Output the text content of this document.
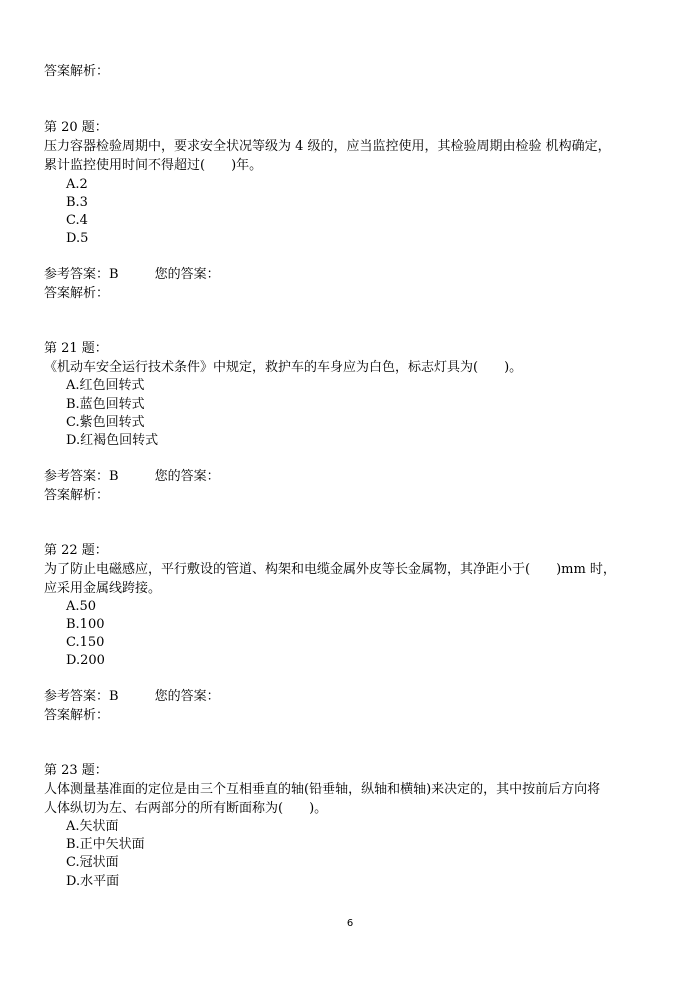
答案解析：
第 20 题：
压力容器检验周期中，要求安全状况等级为 4 级的，应当监控使用，其检验周期由检验 机构确定，
累计监控使用时间不得超过(　　)年。
A.2
B.3
C.4
D.5
参考答案：B	您的答案：
答案解析：
第 21 题：
《机动车安全运行技术条件》中规定，救护车的车身应为白色，标志灯具为(　　)。
A.红色回转式
B.蓝色回转式
C.紫色回转式
D.红褐色回转式
参考答案：B	您的答案：
答案解析：
第 22 题：
为了防止电磁感应，平行敷设的管道、构架和电缆金属外皮等长金属物，其净距小于(　　)mm 时，
应采用金属线跨接。
A.50
B.100
C.150
D.200
参考答案：B	您的答案：
答案解析：
第 23 题：
人体测量基准面的定位是由三个互相垂直的轴(铅垂轴，纵轴和横轴)来决定的，其中按前后方向将
人体纵切为左、右两部分的所有断面称为(　　)。
A.矢状面
B.正中矢状面
C.冠状面
D.水平面
6
